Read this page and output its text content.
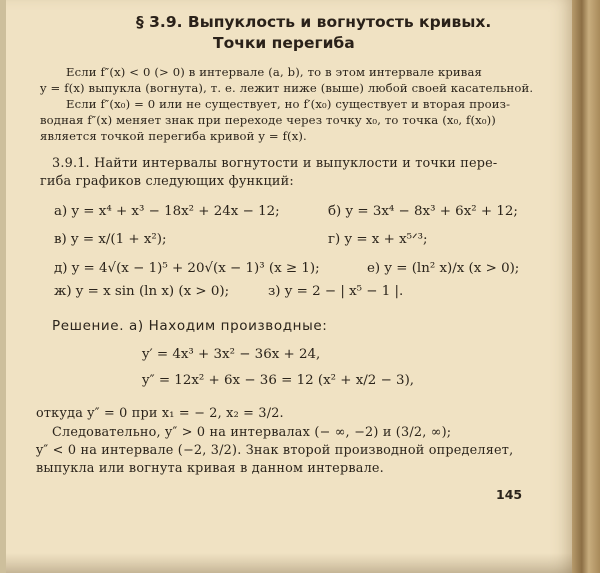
§ 3.9. Выпуклость и вогнутость кривых.
Точки перегиба
Если f″(x) < 0 (> 0) в интервале (a, b), то в этом интервале кривая
y = f(x) выпукла (вогнута), т. е. лежит ниже (выше) любой своей касательной.
Если f″(x₀) = 0 или не существует, но f′(x₀) существует и вторая произ-
водная f″(x) меняет знак при переходе через точку x₀, то точка (x₀, f(x₀))
является точкой перегиба кривой y = f(x).
3.9.1. Найти интервалы вогнутости и выпуклости и точки пере-
гиба графиков следующих функций:
а) y = x⁴ + x³ − 18x² + 24x − 12;	б) y = 3x⁴ − 8x³ + 6x² + 12;
в) y = x/(1 + x²);	г) y = x + x⁵ᐟ³;
д) y = 4√(x − 1)⁵ + 20√(x − 1)³ (x ≥ 1);	е) y = (ln² x)/x (x > 0);
ж) y = x sin (ln x) (x > 0);	з) y = 2 − | x⁵ − 1 |.
Решение. а) Находим производные:
y′ = 4x³ + 3x² − 36x + 24,
y″ = 12x² + 6x − 36 = 12 (x² + x/2 − 3),
откуда y″ = 0 при x₁ = − 2, x₂ = 3/2.
Следовательно, y″ > 0 на интервалах (− ∞, −2) и (3/2, ∞);
y″ < 0 на интервале (−2, 3/2). Знак второй производной определяет,
выпукла или вогнута кривая в данном интервале.
145
